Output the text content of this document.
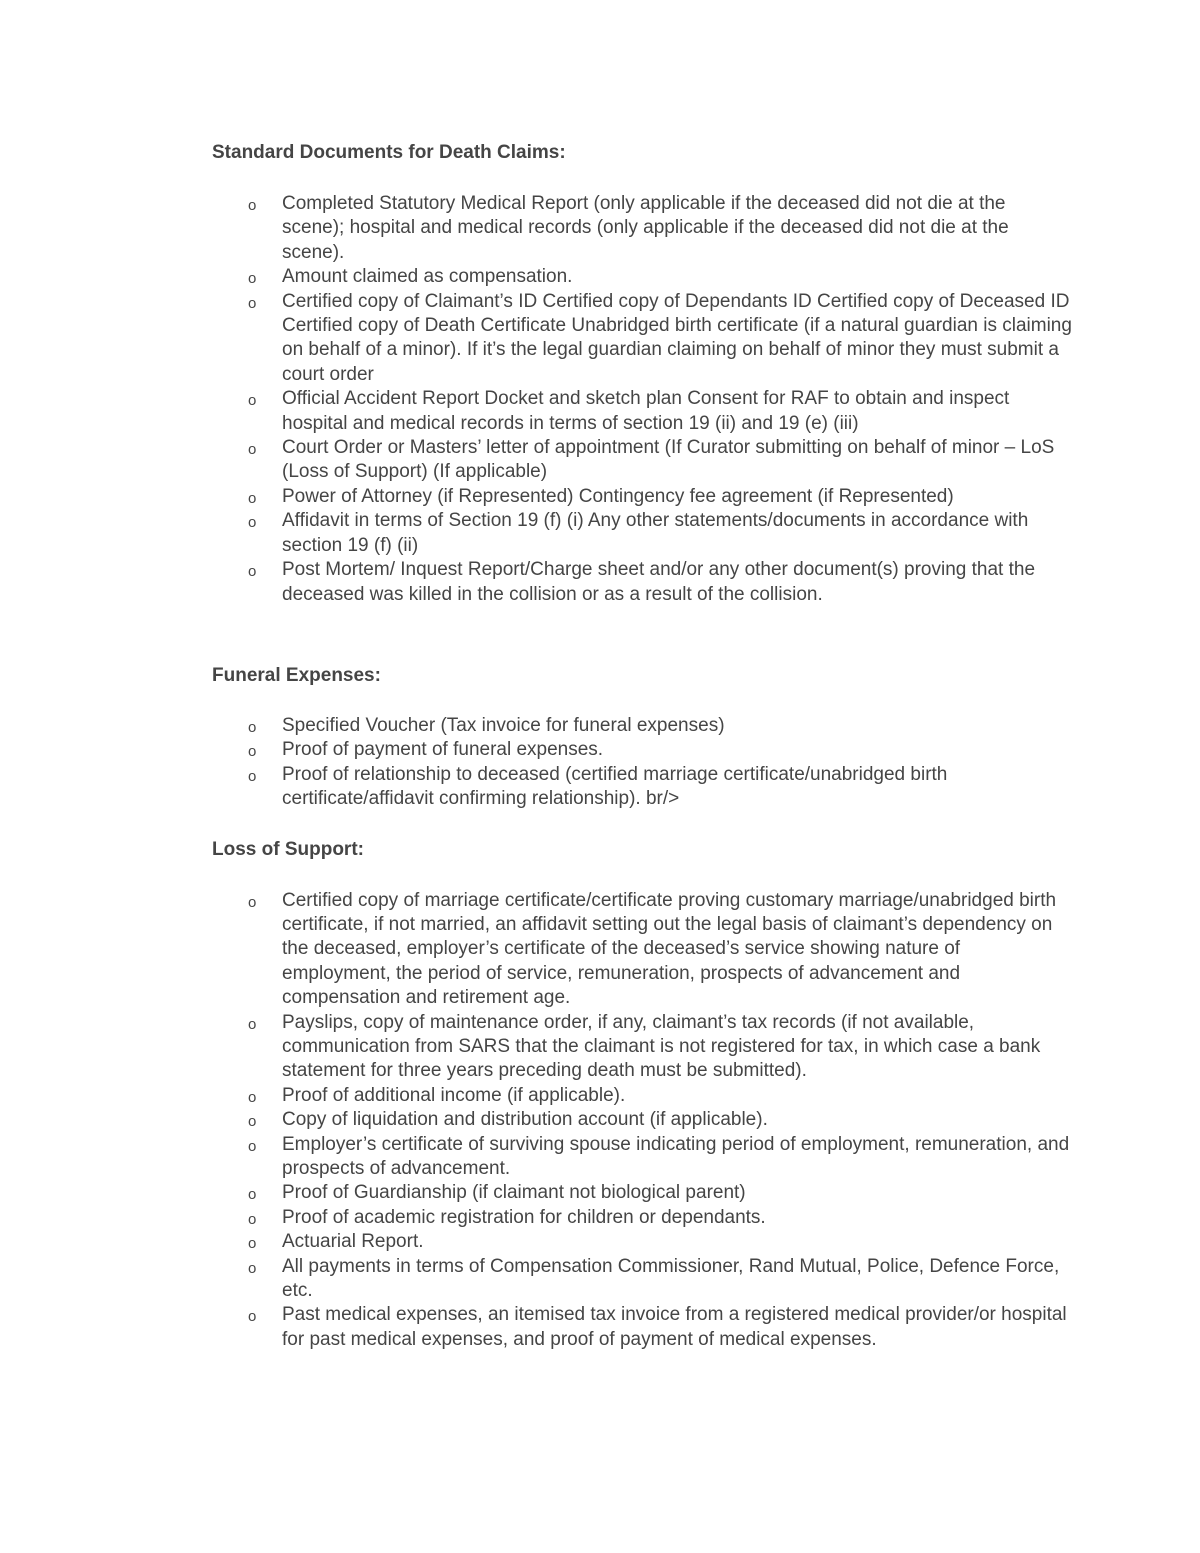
Standard Documents for Death Claims:
o Completed Statutory Medical Report (only applicable if the deceased did not die at the scene); hospital and medical records (only applicable if the deceased did not die at the scene).
o Amount claimed as compensation.
o Certified copy of Claimant’s ID Certified copy of Dependants ID Certified copy of Deceased ID Certified copy of Death Certificate Unabridged birth certificate (if a natural guardian is claiming on behalf of a minor). If it’s the legal guardian claiming on behalf of minor they must submit a court order
o Official Accident Report Docket and sketch plan Consent for RAF to obtain and inspect hospital and medical records in terms of section 19 (ii) and 19 (e) (iii)
o Court Order or Masters’ letter of appointment (If Curator submitting on behalf of minor – LoS (Loss of Support) (If applicable)
o Power of Attorney (if Represented) Contingency fee agreement (if Represented)
o Affidavit in terms of Section 19 (f) (i) Any other statements/documents in accordance with section 19 (f) (ii)
o Post Mortem/ Inquest Report/Charge sheet and/or any other document(s) proving that the deceased was killed in the collision or as a result of the collision.
Funeral Expenses:
o Specified Voucher (Tax invoice for funeral expenses)
o Proof of payment of funeral expenses.
o Proof of relationship to deceased (certified marriage certificate/unabridged birth certificate/affidavit confirming relationship). br/>
Loss of Support:
o Certified copy of marriage certificate/certificate proving customary marriage/unabridged birth certificate, if not married, an affidavit setting out the legal basis of claimant’s dependency on the deceased, employer’s certificate of the deceased’s service showing nature of employment, the period of service, remuneration, prospects of advancement and compensation and retirement age.
o Payslips, copy of maintenance order, if any, claimant’s tax records (if not available, communication from SARS that the claimant is not registered for tax, in which case a bank statement for three years preceding death must be submitted).
o Proof of additional income (if applicable).
o Copy of liquidation and distribution account (if applicable).
o Employer’s certificate of surviving spouse indicating period of employment, remuneration, and prospects of advancement.
o Proof of Guardianship (if claimant not biological parent)
o Proof of academic registration for children or dependants.
o Actuarial Report.
o All payments in terms of Compensation Commissioner, Rand Mutual, Police, Defence Force, etc.
o Past medical expenses, an itemised tax invoice from a registered medical provider/or hospital for past medical expenses, and proof of payment of medical expenses.
